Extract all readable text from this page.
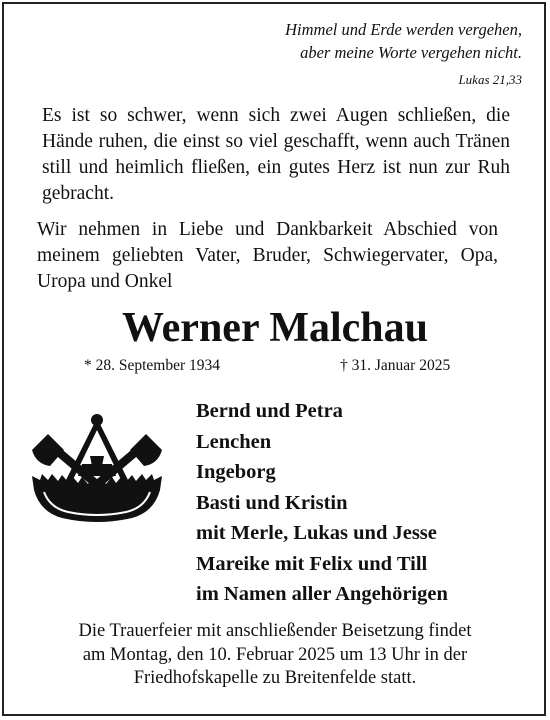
Himmel und Erde werden vergehen,
aber meine Worte vergehen nicht.
Lukas 21,33
Es ist so schwer, wenn sich zwei Augen schließen, die Hände ruhen, die einst so viel geschafft, wenn auch Tränen still und heimlich fließen, ein gutes Herz ist nun zur Ruh gebracht.
Wir nehmen in Liebe und Dankbarkeit Abschied von meinem geliebten Vater, Bruder, Schwiegervater, Opa, Uropa und Onkel
Werner Malchau
* 28. September 1934	† 31. Januar 2025
Bernd und Petra
Lenchen
Ingeborg
Basti und Kristin
mit Merle, Lukas und Jesse
Mareike mit Felix und Till
im Namen aller Angehörigen
Die Trauerfeier mit anschließender Beisetzung findet
am Montag, den 10. Februar 2025 um 13 Uhr in der
Friedhofskapelle zu Breitenfelde statt.
